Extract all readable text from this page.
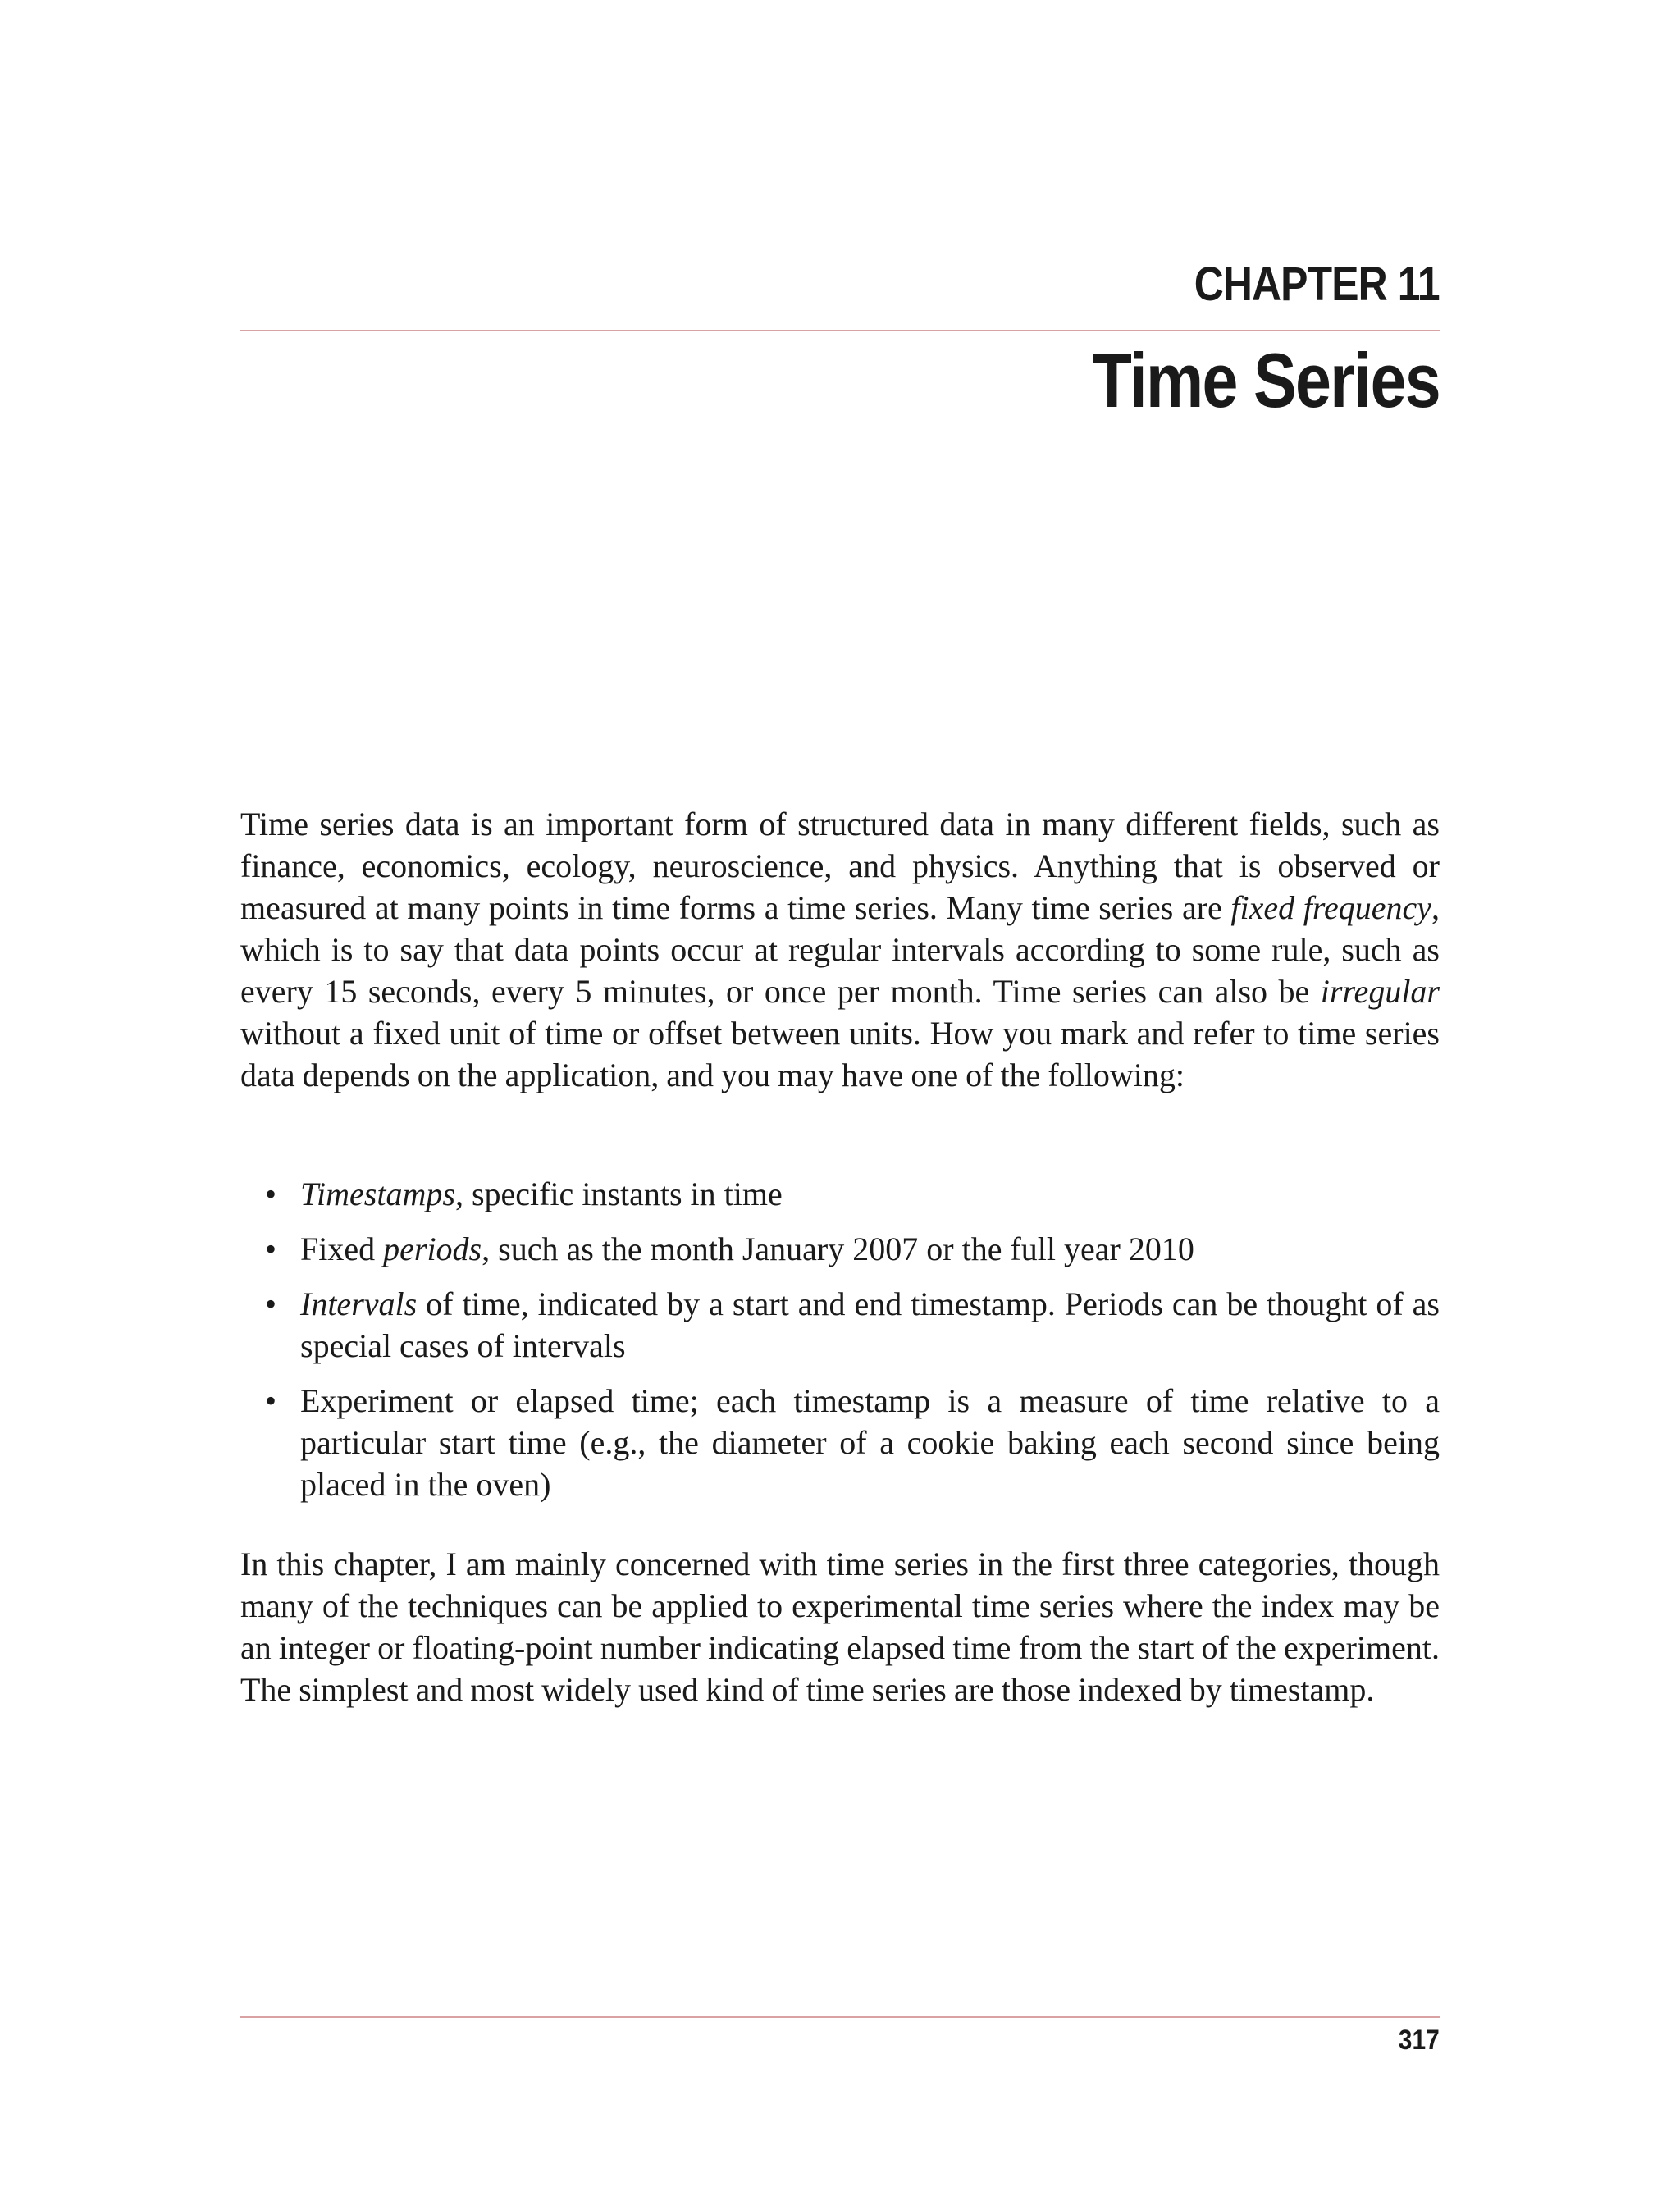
CHAPTER 11
Time Series

Time series data is an important form of structured data in many different fields, such as finance, economics, ecology, neuroscience, and physics. Anything that is observed or measured at many points in time forms a time series. Many time series are fixed frequency, which is to say that data points occur at regular intervals according to some rule, such as every 15 seconds, every 5 minutes, or once per month. Time series can also be irregular without a fixed unit of time or offset between units. How you mark and refer to time series data depends on the application, and you may have one of the following:

• Timestamps, specific instants in time
• Fixed periods, such as the month January 2007 or the full year 2010
• Intervals of time, indicated by a start and end timestamp. Periods can be thought of as special cases of intervals
• Experiment or elapsed time; each timestamp is a measure of time relative to a particular start time (e.g., the diameter of a cookie baking each second since being placed in the oven)

In this chapter, I am mainly concerned with time series in the first three categories, though many of the techniques can be applied to experimental time series where the index may be an integer or floating-point number indicating elapsed time from the start of the experiment. The simplest and most widely used kind of time series are those indexed by timestamp.

317
